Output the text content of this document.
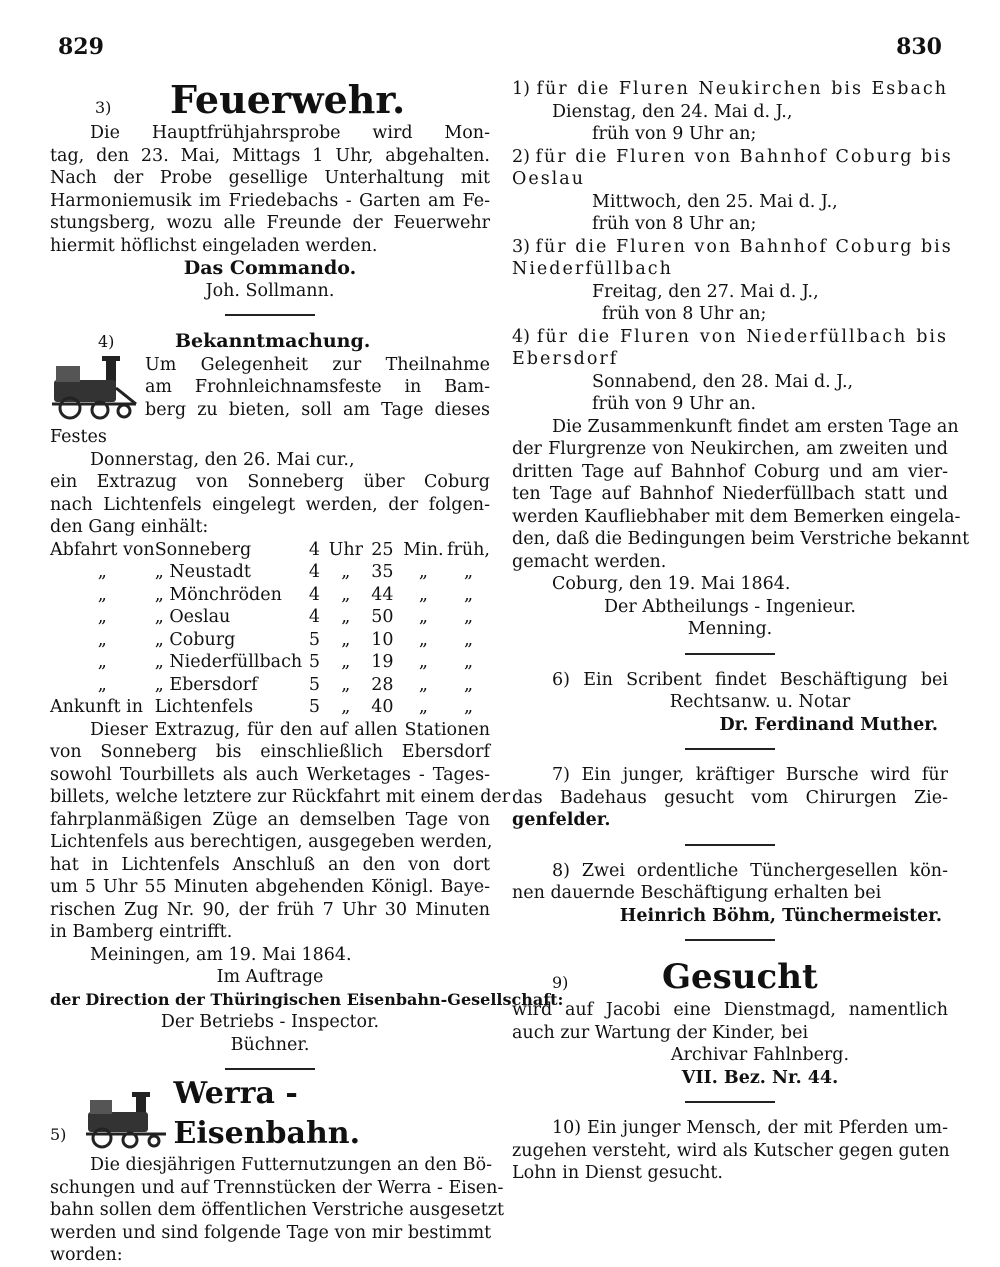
829	830
3) Feuerwehr.
Die Hauptfrühjahrsprobe wird Mon-
tag, den 23. Mai, Mittags 1 Uhr, abgehalten.
Nach der Probe gesellige Unterhaltung mit
Harmoniemusik im Friedebachs - Garten am Fe-
stungsberg, wozu alle Freunde der Feuerwehr
hiermit höflichst eingeladen werden.
Das Commando.
Joh. Sollmann.
4)	Bekanntmachung.
Um Gelegenheit zur Theilnahme
am Frohnleichnamsfeste in Bam-
berg zu bieten, soll am Tage dieses
Festes
Donnerstag, den 26. Mai cur.,
ein Extrazug von Sonneberg über Coburg
nach Lichtenfels eingelegt werden, der folgen-
den Gang einhält:
Abfahrt von	Sonneberg	4	Uhr	25	Min.	früh,
„	„ Neustadt	4	„	35	„	„
„	„ Mönchröden	4	„	44	„	„
„	„ Oeslau	4	„	50	„	„
„	„ Coburg	5	„	10	„	„
„	„ Niederfüllbach	5	„	19	„	„
„	„ Ebersdorf	5	„	28	„	„
Ankunft in	Lichtenfels	5	„	40	„	„
Dieser Extrazug, für den auf allen Stationen
von Sonneberg bis einschließlich Ebersdorf
sowohl Tourbillets als auch Werketages - Tages-
billets, welche letztere zur Rückfahrt mit einem der
fahrplanmäßigen Züge an demselben Tage von
Lichtenfels aus berechtigen, ausgegeben werden,
hat in Lichtenfels Anschluß an den von dort
um 5 Uhr 55 Minuten abgehenden Königl. Baye-
rischen Zug Nr. 90, der früh 7 Uhr 30 Minuten
in Bamberg eintrifft.
Meiningen, am 19. Mai 1864.
Im Auftrage
der Direction der Thüringischen Eisenbahn-Gesellschaft:
Der Betriebs - Inspector.
Büchner.
5)
Werra - Eisenbahn.
Die diesjährigen Futternutzungen an den Bö-
schungen und auf Trennstücken der Werra - Eisen-
bahn sollen dem öffentlichen Verstriche ausgesetzt
werden und sind folgende Tage von mir bestimmt
worden:
1) für die Fluren Neukirchen bis Esbach
Dienstag, den 24. Mai d. J.,
früh von 9 Uhr an;
2) für die Fluren von Bahnhof Coburg bis
Oeslau
Mittwoch, den 25. Mai d. J.,
früh von 8 Uhr an;
3) für die Fluren von Bahnhof Coburg bis
Niederfüllbach
Freitag, den 27. Mai d. J.,
früh von 8 Uhr an;
4) für die Fluren von Niederfüllbach bis
Ebersdorf
Sonnabend, den 28. Mai d. J.,
früh von 9 Uhr an.
Die Zusammenkunft findet am ersten Tage an
der Flurgrenze von Neukirchen, am zweiten und
dritten Tage auf Bahnhof Coburg und am vier-
ten Tage auf Bahnhof Niederfüllbach statt und
werden Kaufliebhaber mit dem Bemerken eingela-
den, daß die Bedingungen beim Verstriche bekannt
gemacht werden.
Coburg, den 19. Mai 1864.
Der Abtheilungs - Ingenieur.
Menning.
6) Ein Scribent findet Beschäftigung bei
Rechtsanw. u. Notar
Dr. Ferdinand Muther.
7) Ein junger, kräftiger Bursche wird für
das Badehaus gesucht vom Chirurgen Zie-
genfelder.
8) Zwei ordentliche Tünchergesellen kön-
nen dauernde Beschäftigung erhalten bei
Heinrich Böhm, Tünchermeister.
9)	Gesucht
wird auf Jacobi eine Dienstmagd, namentlich
auch zur Wartung der Kinder, bei
Archivar Fahlnberg.
VII. Bez. Nr. 44.
10) Ein junger Mensch, der mit Pferden um-
zugehen versteht, wird als Kutscher gegen guten
Lohn in Dienst gesucht.
